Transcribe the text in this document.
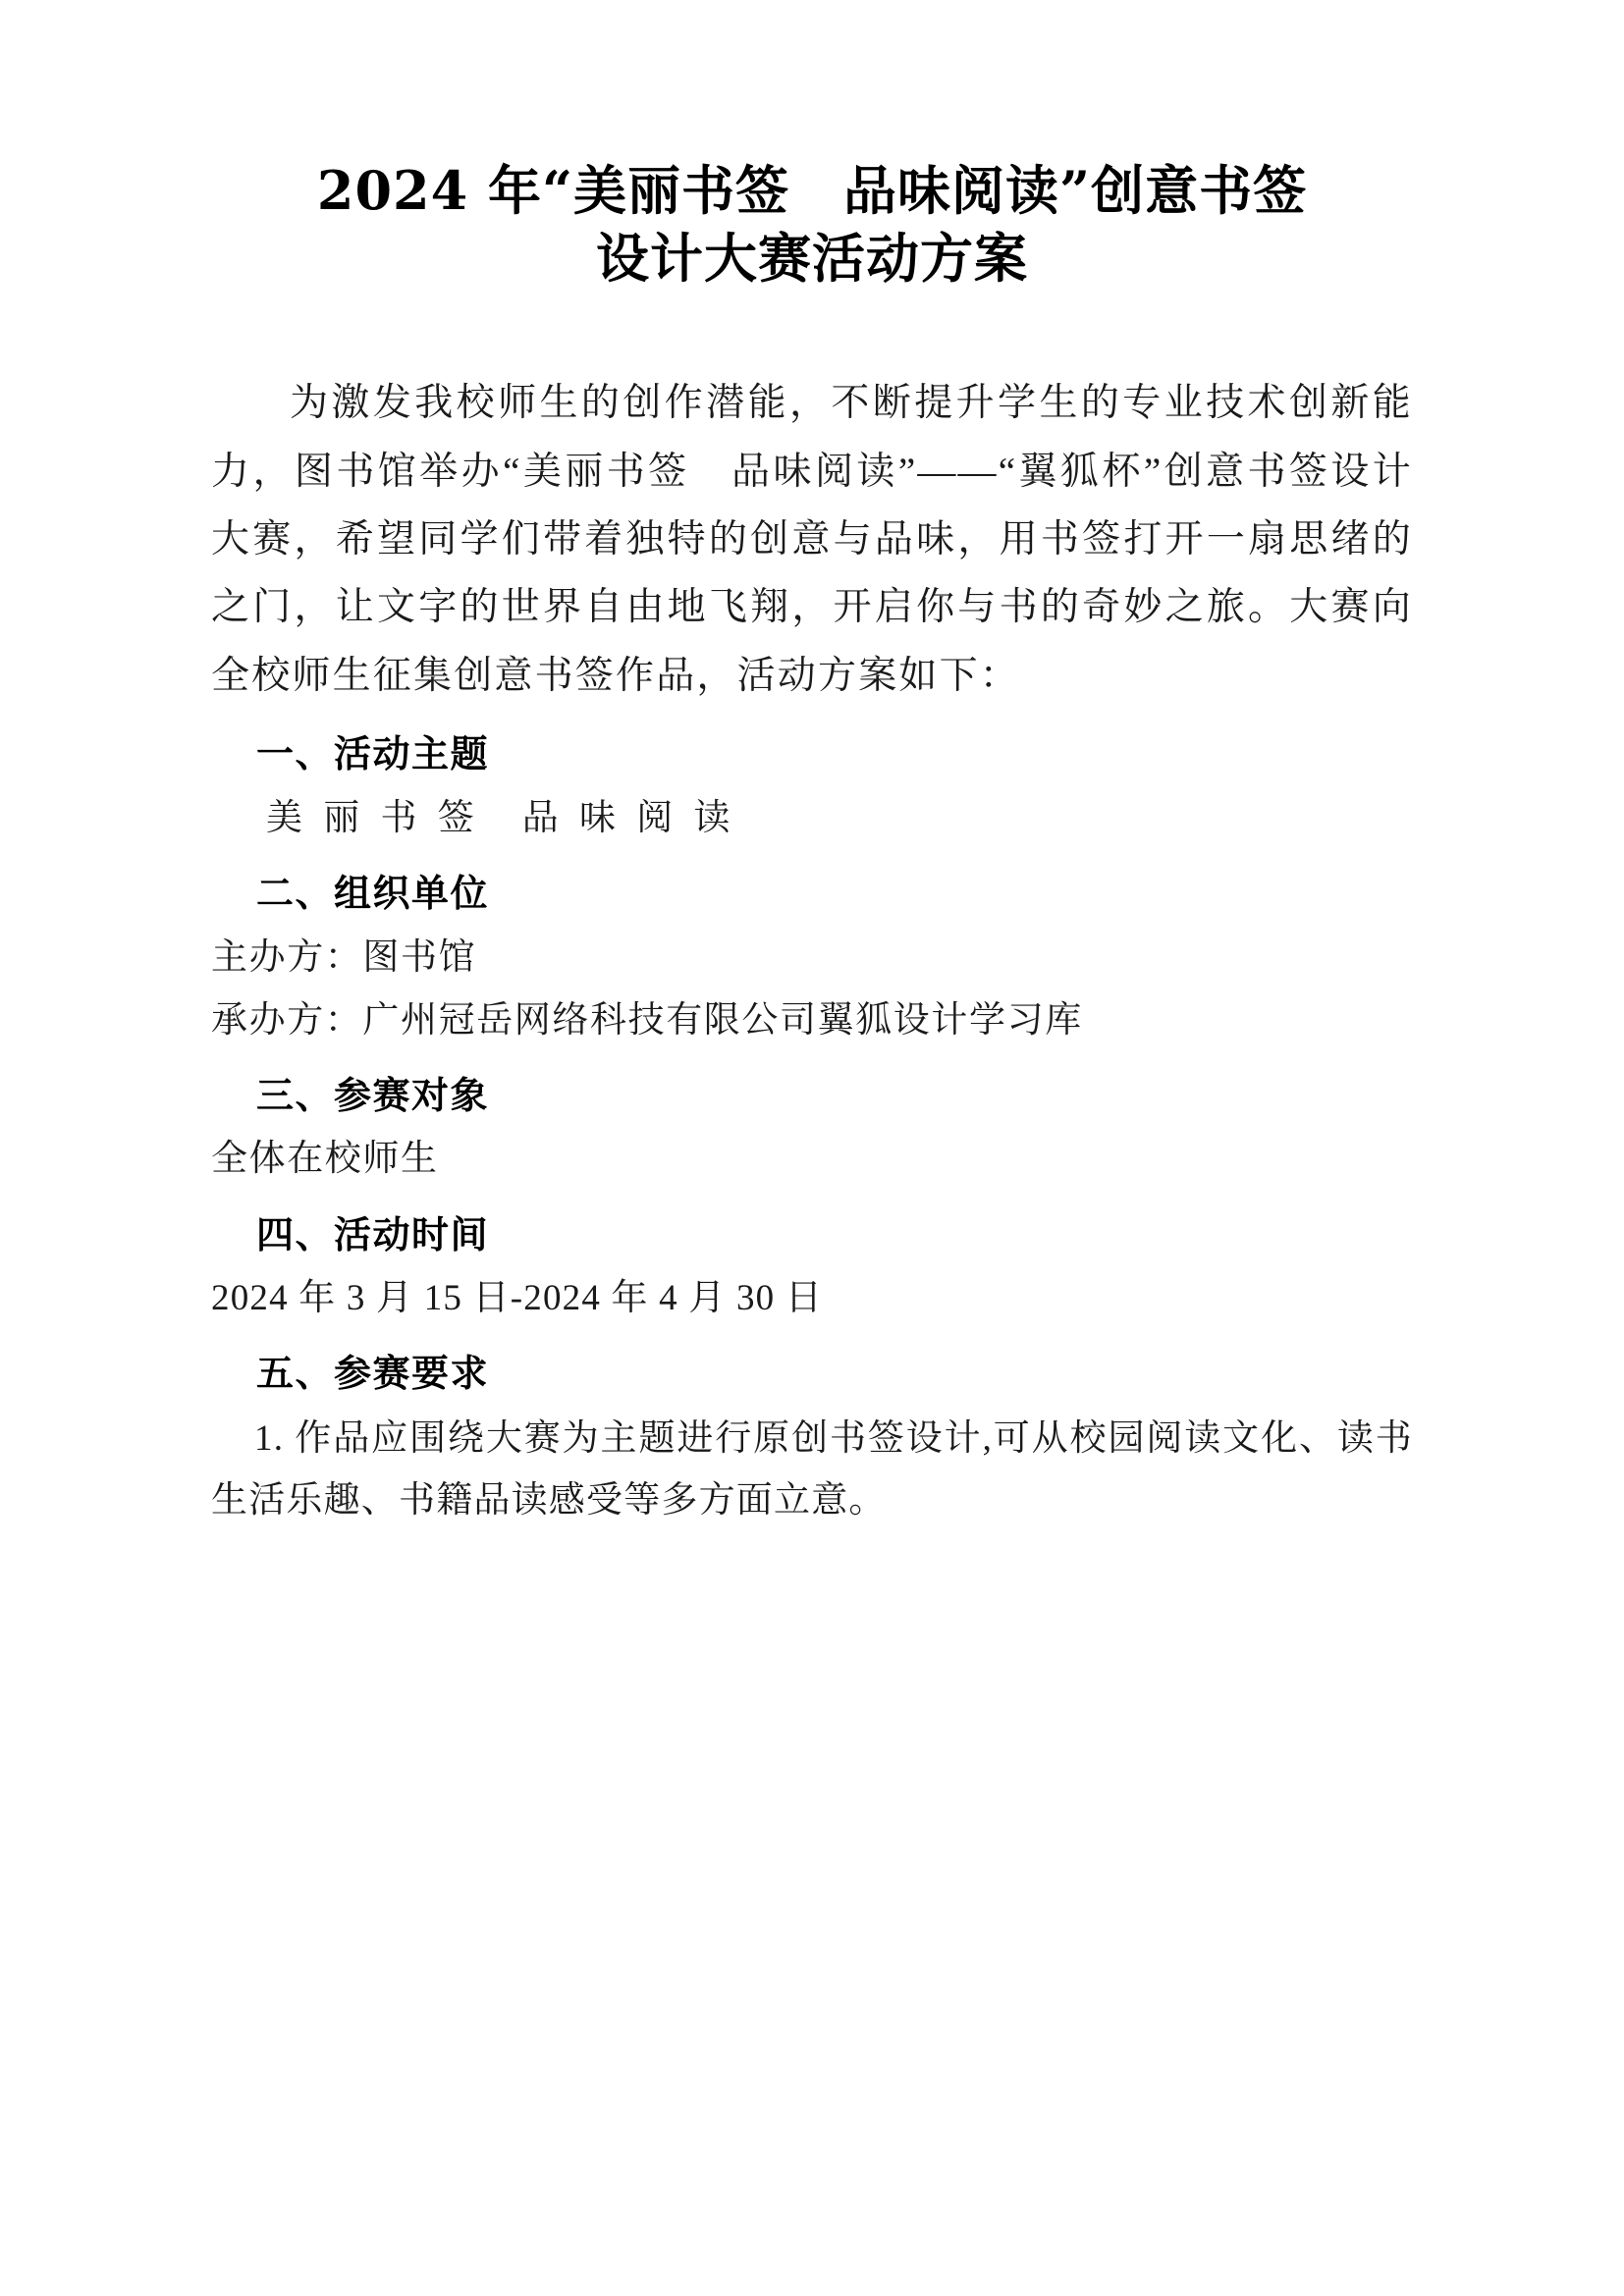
2024 年“美丽书签　品味阅读”创意书签
设计大赛活动方案

为激发我校师生的创作潜能，不断提升学生的专业技术创新能力，图书馆举办“美丽书签　品味阅读”——“翼狐杯”创意书签设计大赛，希望同学们带着独特的创意与品味，用书签打开一扇思绪的之门，让文字的世界自由地飞翔，开启你与书的奇妙之旅。大赛向全校师生征集创意书签作品，活动方案如下：

一、活动主题

美 丽 书 签　品 味 阅 读

二、组织单位

主办方：图书馆

承办方：广州冠岳网络科技有限公司翼狐设计学习库

三、参赛对象

全体在校师生

四、活动时间

2024 年 3 月 15 日-2024 年 4 月 30 日

五、参赛要求

1. 作品应围绕大赛为主题进行原创书签设计,可从校园阅读文化、读书生活乐趣、书籍品读感受等多方面立意。
